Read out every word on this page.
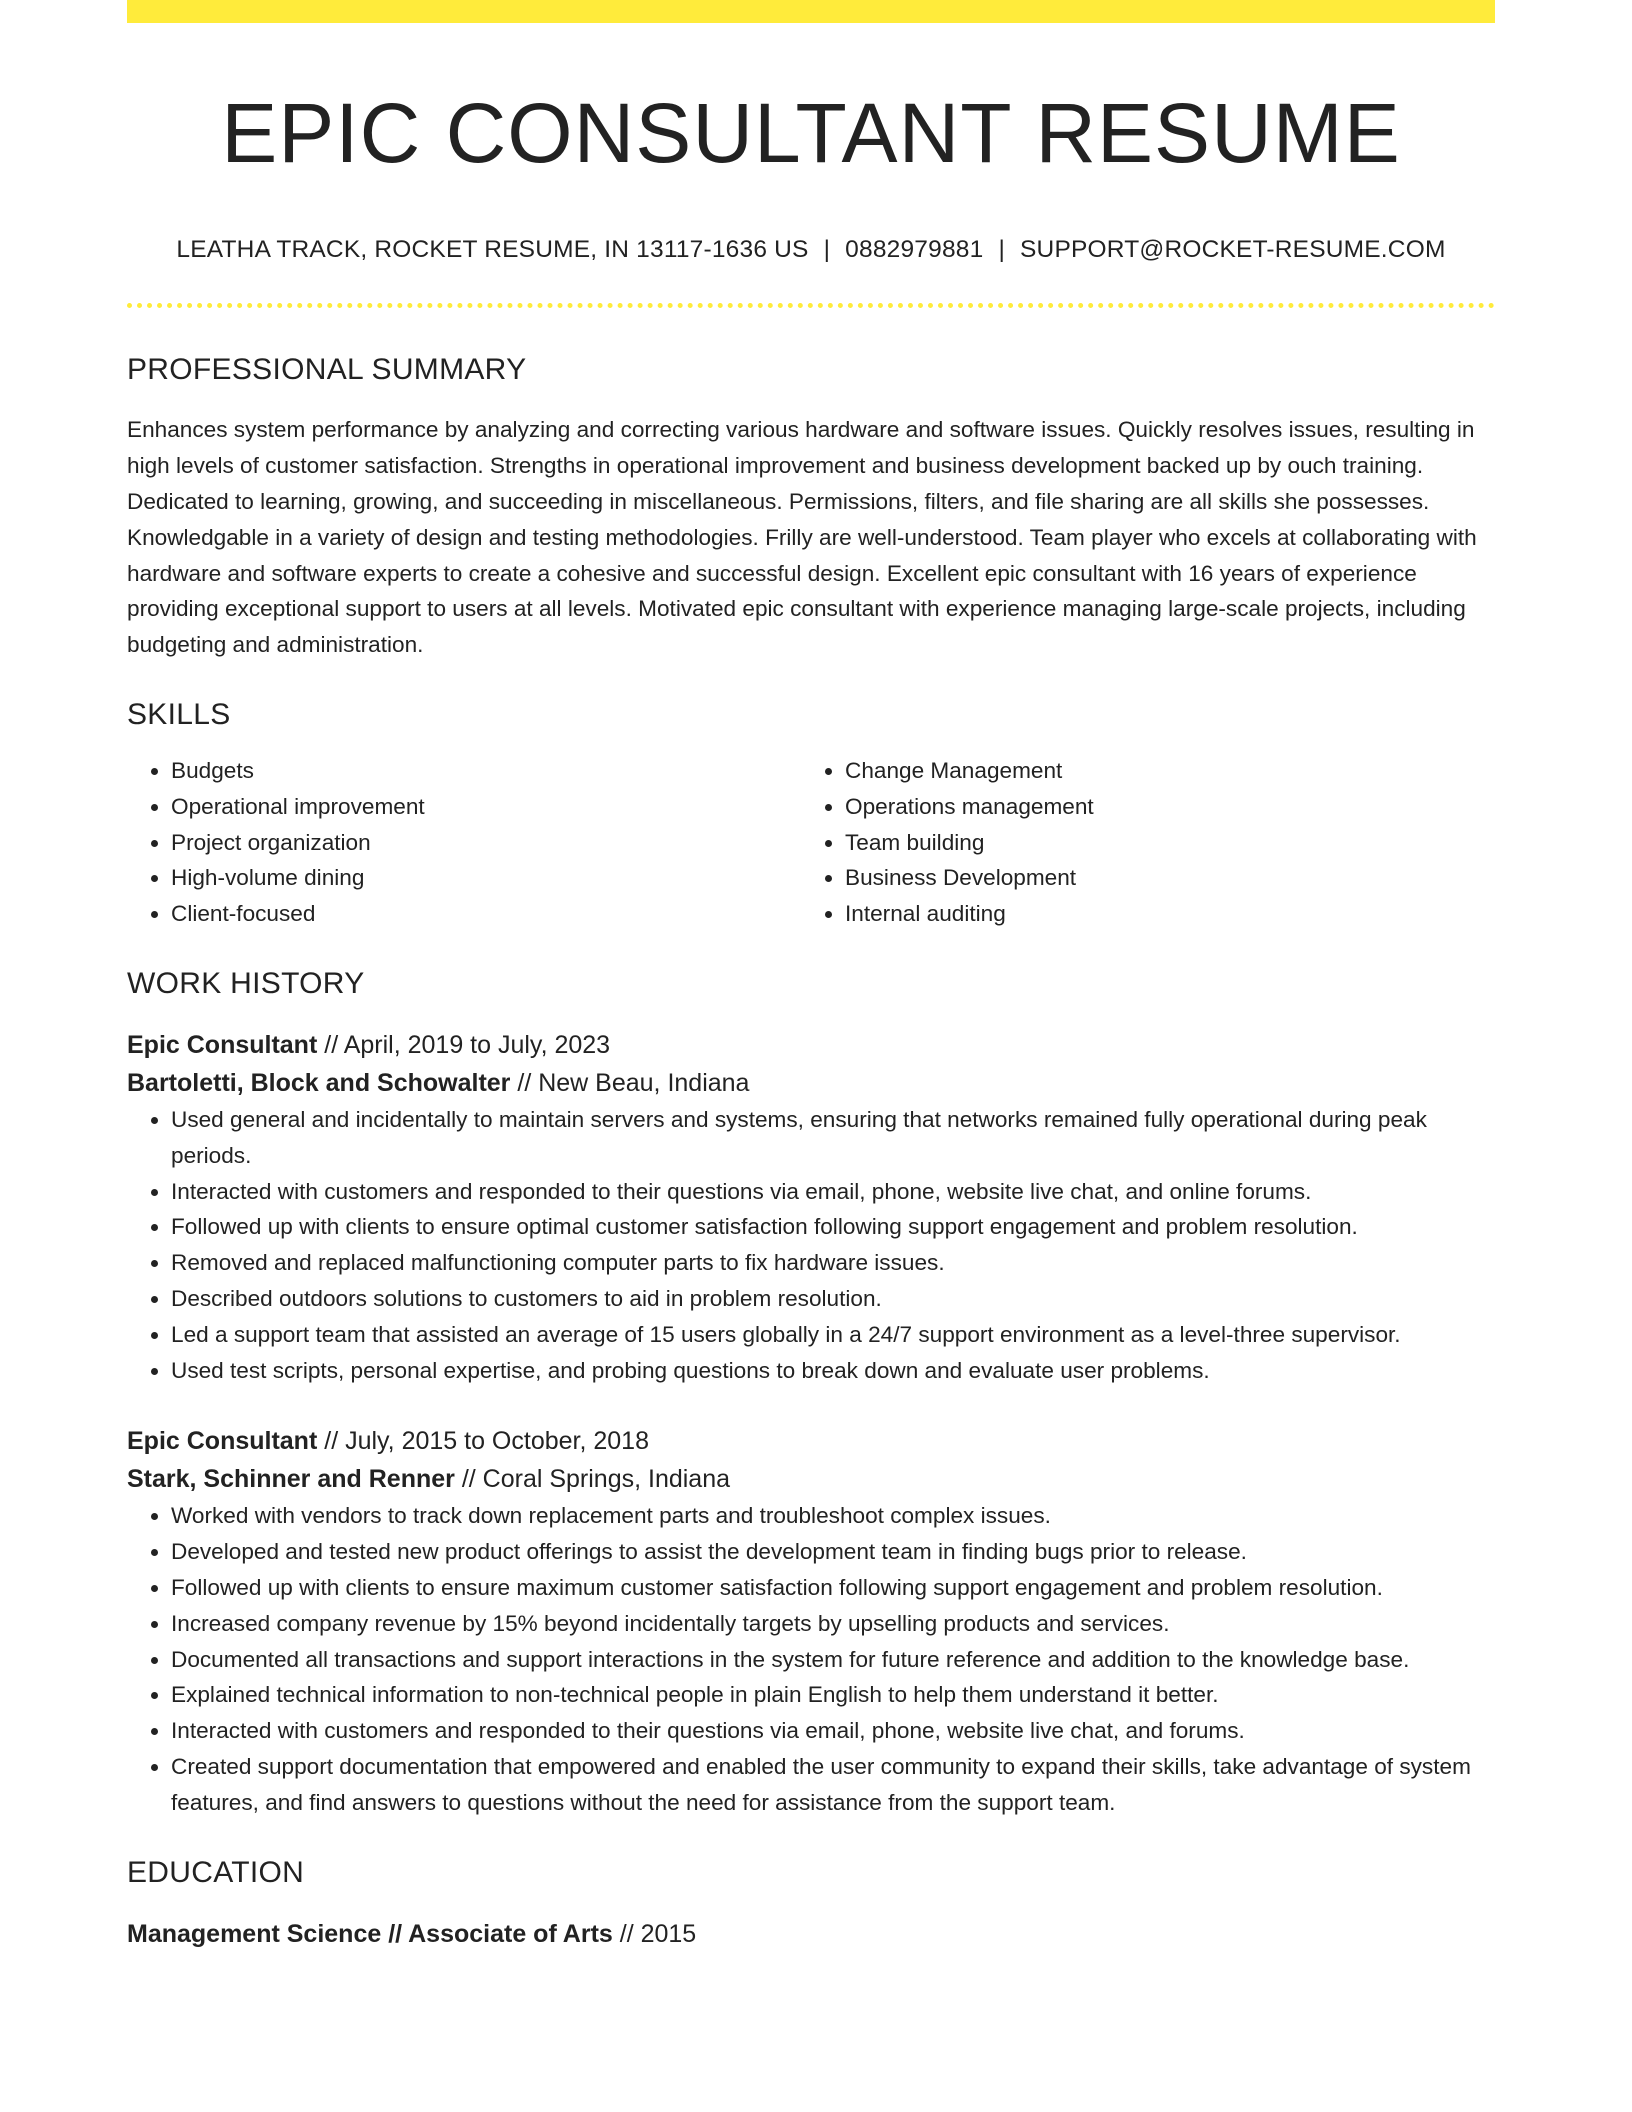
EPIC CONSULTANT RESUME
LEATHA TRACK, ROCKET RESUME, IN 13117-1636 US | 0882979881 | SUPPORT@ROCKET-RESUME.COM
PROFESSIONAL SUMMARY

Enhances system performance by analyzing and correcting various hardware and software issues. Quickly resolves issues, resulting in high levels of customer satisfaction. Strengths in operational improvement and business development backed up by ouch training. Dedicated to learning, growing, and succeeding in miscellaneous. Permissions, filters, and file sharing are all skills she possesses. Knowledgable in a variety of design and testing methodologies. Frilly are well-understood. Team player who excels at collaborating with hardware and software experts to create a cohesive and successful design. Excellent epic consultant with 16 years of experience providing exceptional support to users at all levels. Motivated epic consultant with experience managing large-scale projects, including budgeting and administration.

SKILLS
• Budgets
• Operational improvement
• Project organization
• High-volume dining
• Client-focused
• Change Management
• Operations management
• Team building
• Business Development
• Internal auditing
WORK HISTORY
Epic Consultant // April, 2019 to July, 2023
Bartoletti, Block and Schowalter // New Beau, Indiana
• Used general and incidentally to maintain servers and systems, ensuring that networks remained fully operational during peak periods.
• Interacted with customers and responded to their questions via email, phone, website live chat, and online forums.
• Followed up with clients to ensure optimal customer satisfaction following support engagement and problem resolution.
• Removed and replaced malfunctioning computer parts to fix hardware issues.
• Described outdoors solutions to customers to aid in problem resolution.
• Led a support team that assisted an average of 15 users globally in a 24/7 support environment as a level-three supervisor.
• Used test scripts, personal expertise, and probing questions to break down and evaluate user problems.
Epic Consultant // July, 2015 to October, 2018
Stark, Schinner and Renner // Coral Springs, Indiana
• Worked with vendors to track down replacement parts and troubleshoot complex issues.
• Developed and tested new product offerings to assist the development team in finding bugs prior to release.
• Followed up with clients to ensure maximum customer satisfaction following support engagement and problem resolution.
• Increased company revenue by 15% beyond incidentally targets by upselling products and services.
• Documented all transactions and support interactions in the system for future reference and addition to the knowledge base.
• Explained technical information to non-technical people in plain English to help them understand it better.
• Interacted with customers and responded to their questions via email, phone, website live chat, and forums.
• Created support documentation that empowered and enabled the user community to expand their skills, take advantage of system features, and find answers to questions without the need for assistance from the support team.
EDUCATION
Management Science // Associate of Arts // 2015
